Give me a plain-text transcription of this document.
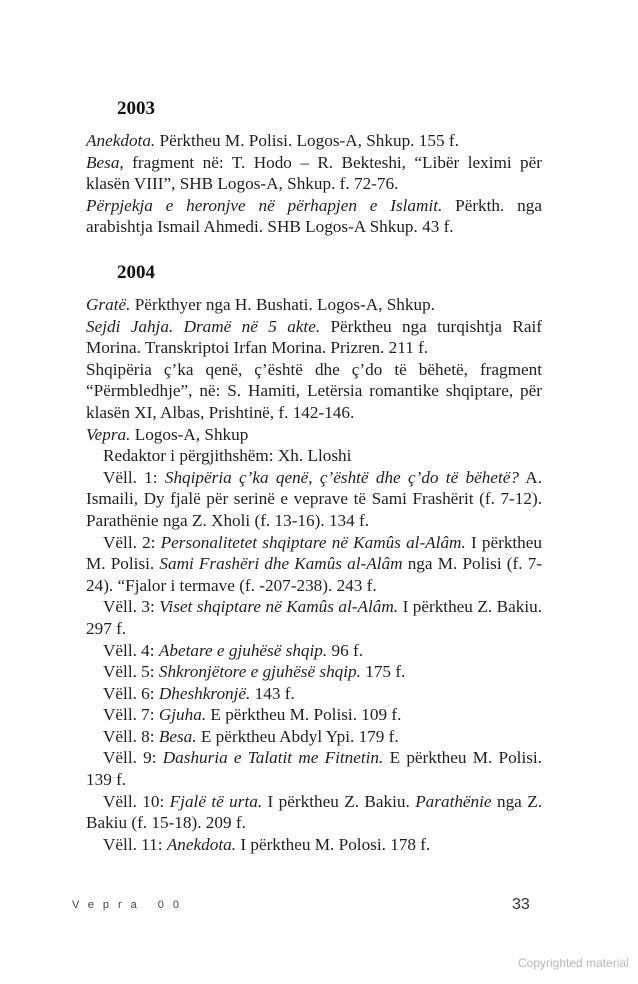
2003

Anekdota. Përktheu M. Polisi. Logos-A, Shkup. 155 f.

Besa, fragment në: T. Hodo – R. Bekteshi, “Libër leximi për klasën VIII”, SHB Logos-A, Shkup. f. 72-76.

Përpjekja e heronjve në përhapjen e Islamit. Përkth. nga arabishtja Ismail Ahmedi. SHB Logos-A Shkup. 43 f.

2004

Gratë. Përkthyer nga H. Bushati. Logos-A, Shkup.

Sejdi Jahja. Dramë në 5 akte. Përktheu nga turqishtja Raif Morina. Transkriptoi Irfan Morina. Prizren. 211 f.

Shqipëria ç’ka qenë, ç’është dhe ç’do të bëhetë, fragment “Përmbledhje”, në: S. Hamiti, Letërsia romantike shqiptare, për klasën XI, Albas, Prishtinë, f. 142-146.

Vepra. Logos-A, Shkup

Redaktor i përgjithshëm: Xh. Lloshi

Vëll. 1: Shqipëria ç’ka qenë, ç’është dhe ç’do të bëhetë? A. Ismaili, Dy fjalë për serinë e veprave të Sami Frashërit (f. 7-12). Parathënie nga Z. Xholi (f. 13-16). 134 f.

Vëll. 2: Personalitetet shqiptare në Kamûs al-Alâm. I përktheu M. Polisi. Sami Frashëri dhe Kamûs al-Alâm nga M. Polisi (f. 7-24). “Fjalor i termave (f. -207-238). 243 f.

Vëll. 3: Viset shqiptare në Kamûs al-Alâm. I përktheu Z. Bakiu. 297 f.

Vëll. 4: Abetare e gjuhësë shqip. 96 f.

Vëll. 5: Shkronjëtore e gjuhësë shqip. 175 f.

Vëll. 6: Dheshkronjë. 143 f.

Vëll. 7: Gjuha. E përktheu M. Polisi. 109 f.

Vëll. 8: Besa. E përktheu Abdyl Ypi. 179 f.

Vëll. 9: Dashuria e Talatit me Fitnetin. E përktheu M. Polisi. 139 f.

Vëll. 10: Fjalë të urta. I përktheu Z. Bakiu. Parathënie nga Z. Bakiu (f. 15-18). 209 f.

Vëll. 11: Anekdota. I përktheu M. Polosi. 178 f.

Vepra 00	33
Copyrighted material
